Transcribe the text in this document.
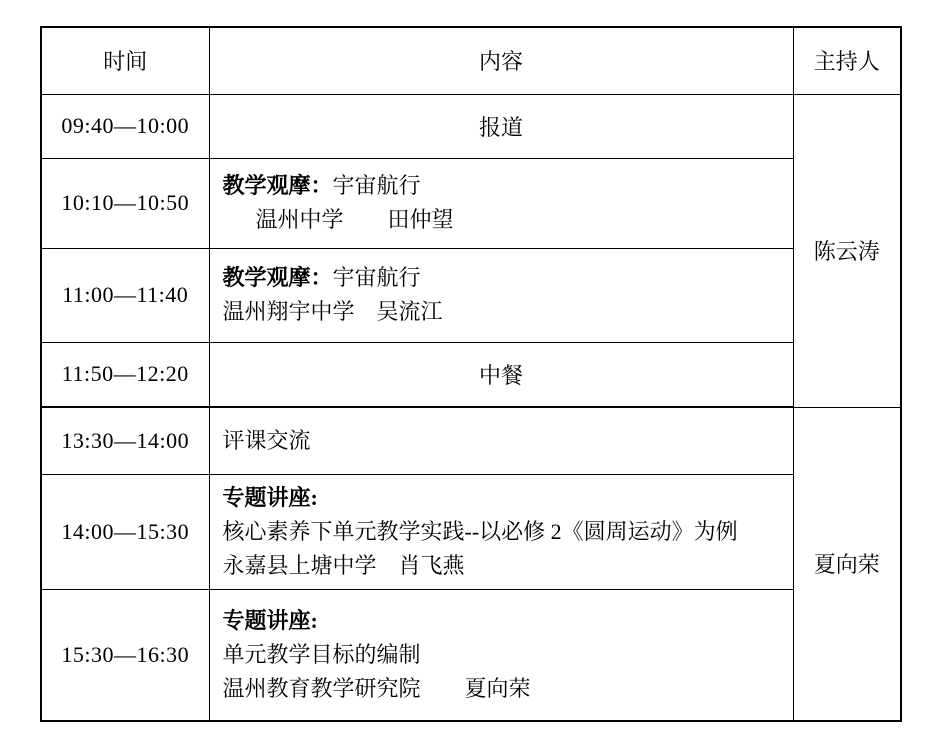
时间	内容	主持人
09:40—10:00	报道	陈云涛
10:10—10:50	教学观摩：宇宙航行
温州中学　　田仲望	

11:00—11:40	教学观摩：宇宙航行
温州翔宇中学　吴流江	

11:50—12:20	中餐	
13:30—14:00	评课交流	夏向荣
14:00—15:30	专题讲座:
核心素养下单元教学实践--以必修 2《圆周运动》为例
永嘉县上塘中学　肖飞燕	

15:30—16:30	专题讲座:
单元教学目标的编制
温州教育教学研究院　　夏向荣	
